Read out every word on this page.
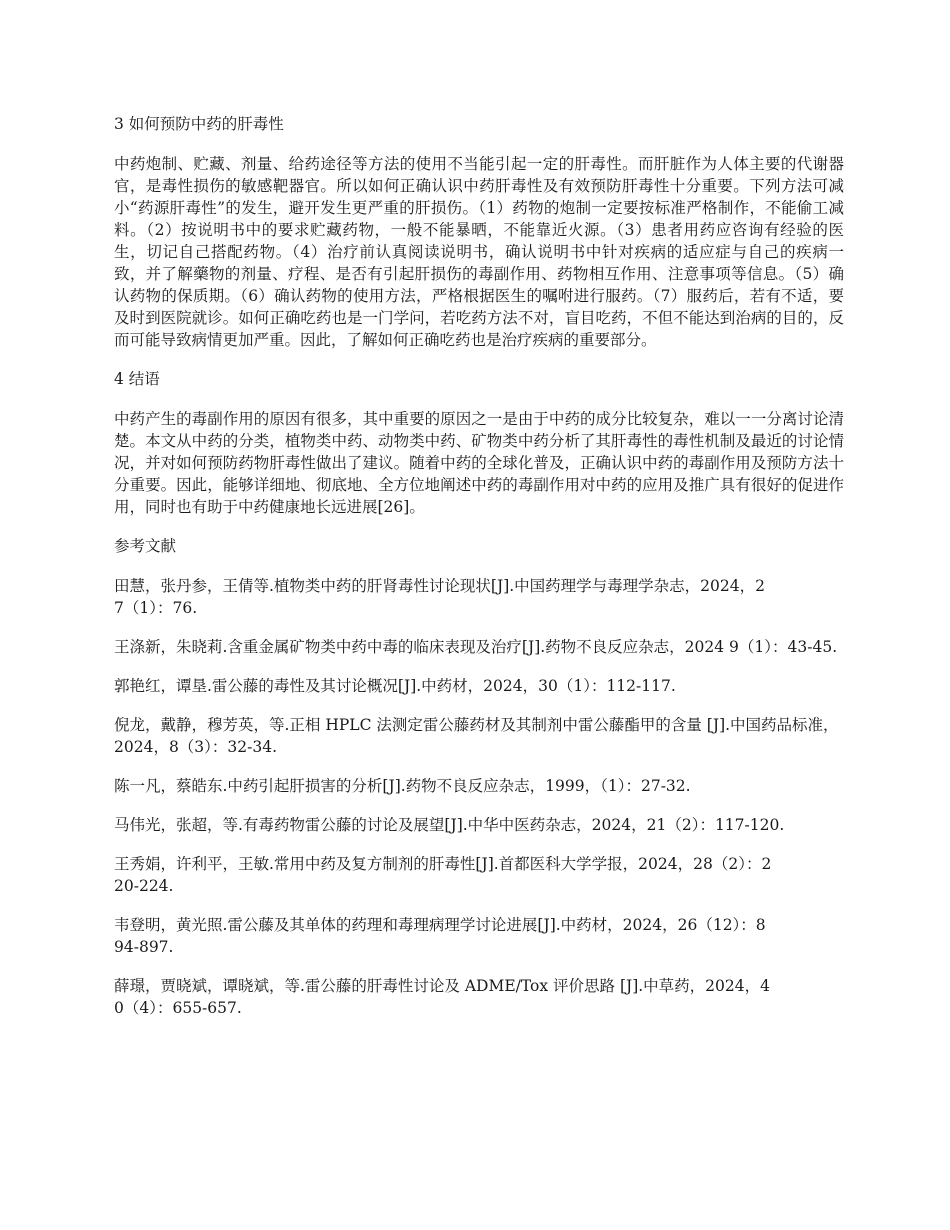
3 如何预防中药的肝毒性
中药炮制、贮藏、剂量、给药途径等方法的使用不当能引起一定的肝毒性。而肝脏作为人体主要的代谢器官，是毒性损伤的敏感靶器官。所以如何正确认识中药肝毒性及有效预防肝毒性十分重要。下列方法可减小“药源肝毒性”的发生，避开发生更严重的肝损伤。（1）药物的炮制一定要按标准严格制作，不能偷工减料。（2）按说明书中的要求贮藏药物，一般不能暴晒，不能靠近火源。（3）患者用药应咨询有经验的医生，切记自己搭配药物。（4）治疗前认真阅读说明书，确认说明书中针对疾病的适应症与自己的疾病一致，并了解藥物的剂量、疗程、是否有引起肝损伤的毒副作用、药物相互作用、注意事项等信息。（5）确认药物的保质期。（6）确认药物的使用方法，严格根据医生的嘱咐进行服药。（7）服药后，若有不适，要及时到医院就诊。如何正确吃药也是一门学问，若吃药方法不对，盲目吃药，不但不能达到治病的目的，反而可能导致病情更加严重。因此，了解如何正确吃药也是治疗疾病的重要部分。
4 结语
中药产生的毒副作用的原因有很多，其中重要的原因之一是由于中药的成分比较复杂，难以一一分离讨论清楚。本文从中药的分类，植物类中药、动物类中药、矿物类中药分析了其肝毒性的毒性机制及最近的讨论情况，并对如何预防药物肝毒性做出了建议。随着中药的全球化普及，正确认识中药的毒副作用及预防方法十分重要。因此，能够详细地、彻底地、全方位地阐述中药的毒副作用对中药的应用及推广具有很好的促进作用，同时也有助于中药健康地长远进展[26]。
参考文献
田慧，张丹参，王倩等.植物类中药的肝肾毒性讨论现状[J].中国药理学与毒理学杂志，2024，27（1）：76.
王涤新，朱晓莉.含重金属矿物类中药中毒的临床表现及治疗[J].药物不良反应杂志，2024 9（1）：43-45.
郭艳红，谭垦.雷公藤的毒性及其讨论概况[J].中药材，2024，30（1）：112-117.
倪龙，戴静，穆芳英，等.正相 HPLC 法测定雷公藤药材及其制剂中雷公藤酯甲的含量 [J].中国药品标准，2024，8（3）：32-34.
陈一凡，蔡皓东.中药引起肝损害的分析[J].药物不良反应杂志，1999，（1）：27-32.
马伟光，张超，等.有毒药物雷公藤的讨论及展望[J].中华中医药杂志，2024，21（2）：117-120.
王秀娟，许利平，王敏.常用中药及复方制剂的肝毒性[J].首都医科大学学报，2024，28（2）：220-224.
韦登明，黄光照.雷公藤及其单体的药理和毒理病理学讨论进展[J].中药材，2024，26（12）：894-897.
薛璟，贾晓斌，谭晓斌，等.雷公藤的肝毒性讨论及 ADME/Tox 评价思路 [J].中草药，2024，40（4）：655-657.
